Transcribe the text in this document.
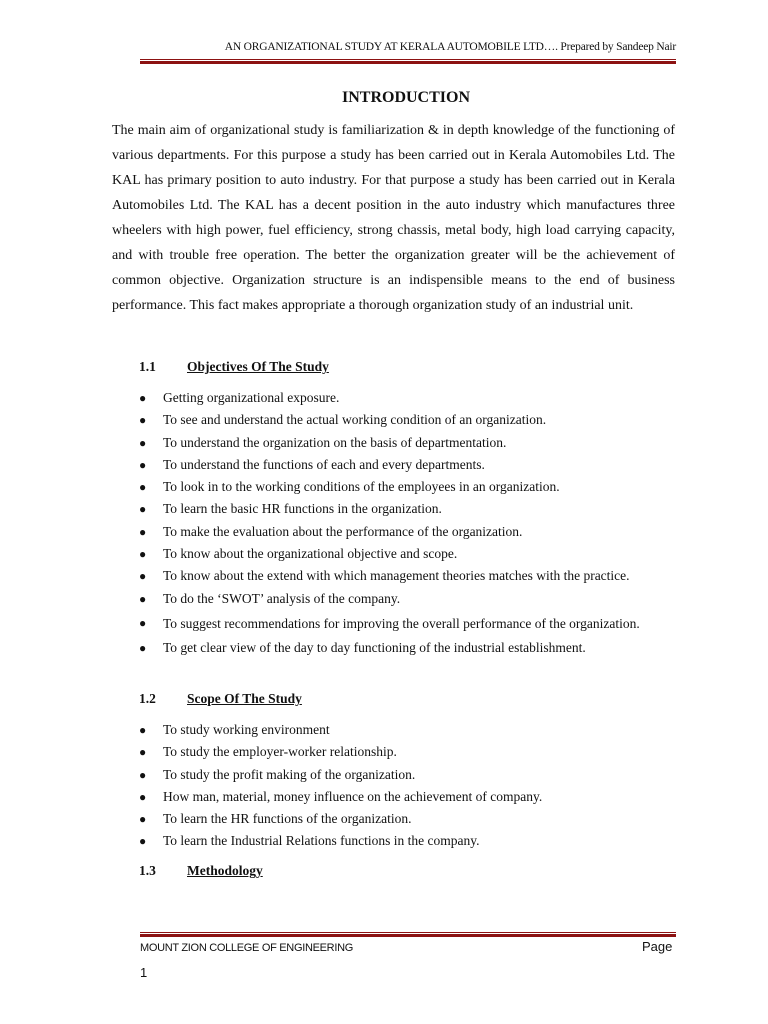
AN ORGANIZATIONAL STUDY AT KERALA AUTOMOBILE LTD…. Prepared by Sandeep Nair
INTRODUCTION

The main aim of organizational study is familiarization & in depth knowledge of the functioning of various departments. For this purpose a study has been carried out in Kerala Automobiles Ltd. The KAL has primary position to auto industry. For that purpose a study has been carried out in Kerala Automobiles Ltd. The KAL has a decent position in the auto industry which manufactures three wheelers with high power, fuel efficiency, strong chassis, metal body, high load carrying capacity, and with trouble free operation. The better the organization greater will be the achievement of common objective. Organization structure is an indispensible means to the end of business performance. This fact makes appropriate a thorough organization study of an industrial unit.

1.1 Objectives Of The Study
● Getting organizational exposure.
● To see and understand the actual working condition of an organization.
● To understand the organization on the basis of departmentation.
● To understand the functions of each and every departments.
● To look in to the working conditions of the employees in an organization.
● To learn the basic HR functions in the organization.
● To make the evaluation about the performance of the organization.
● To know about the organizational objective and scope.
● To know about the extend with which management theories matches with the practice.
● To do the ‘SWOT’ analysis of the company.
● To suggest recommendations for improving the overall performance of the organization.
● To get clear view of the day to day functioning of the industrial establishment.
1.2 Scope Of The Study
● To study working environment
● To study the employer-worker relationship.
● To study the profit making of the organization.
● How man, material, money influence on the achievement of company.
● To learn the HR functions of the organization.
● To learn the Industrial Relations functions in the company.
1.3 Methodology
MOUNT ZION COLLEGE OF ENGINEERING	Page
1
